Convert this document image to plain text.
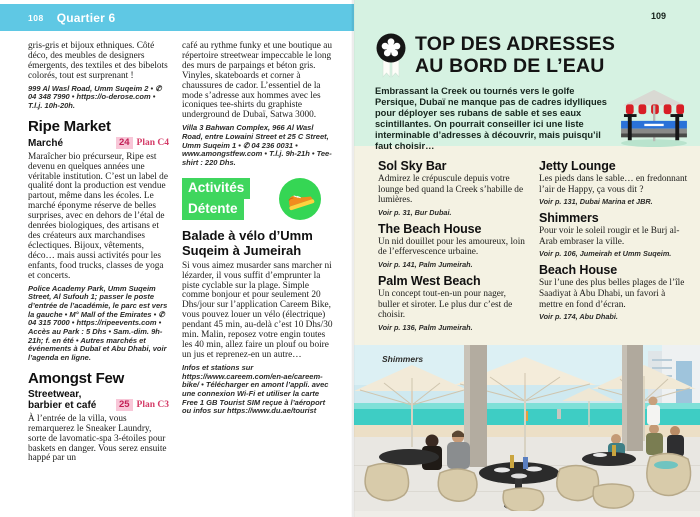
108 Quartier 6

gris-gris et bijoux ethniques. Côté déco, des meubles de designers émergents, des textiles et des bibelots colorés, tout est surprenant !

999 Al Wasl Road, Umm Suqeim 2 • ✆ 04 348 7990 • https://o-derose.com • T.l.j. 10h-20h.

Ripe Market
Marché	24 Plan C4

Maraîcher bio précurseur, Ripe est devenu en quelques années une véritable institution. C’est un label de qualité dont la production est vendue partout, même dans les écoles. Le marché éponyme réserve de belles surprises, avec en dehors de l’étal de denrées biologiques, des artisans et des créateurs aux marchandises éclectiques. Bijoux, vêtements, déco… mais aussi activités pour les enfants, food trucks, classes de yoga et concerts.

Police Academy Park, Umm Suqeim Street, Al Sufouh 1; passer le poste d’entrée de l’académie, le parc est vers la gauche • M° Mall of the Emirates • ✆ 04 315 7000 • https://ripeevents.com • Accès au Park : 5 Dhs • Sam.-dim. 9h-21h; f. en été • Autres marchés et événements à Dubaï et Abu Dhabi, voir l’agenda en ligne.

Amongst Few
Streetwear, barbier et café	25 Plan C3

À l’entrée de la villa, vous remarquerez le Sneaker Laundry, sorte de lavomatic-spa 3-étoiles pour baskets en danger. Vous serez ensuite happé par un

café au rythme funky et une boutique au répertoire streetwear impeccable le long des murs de parpaings et béton gris. Vinyles, skateboards et corner à chaussures de cador. L’essentiel de la mode s’adresse aux hommes avec les iconiques tee-shirts du graphiste underground de Dubaï, Satwa 3000.

Villa 3 Bahwan Complex, 966 Al Wasl Road, entre Lowaini Street et 25 C Street, Umm Suqeim 1 • ✆ 04 236 0031 • www.amongstfew.com • T.l.j. 9h-21h • Tee-shirt : 220 Dhs.

Activités
Détente
Balade à vélo d’Umm Suqeim à Jumeirah

Si vous aimez musarder sans marcher ni lézarder, il vous suffit d’emprunter la piste cyclable sur la plage. Simple comme bonjour et pour seulement 20 Dhs/jour sur l’application Careem Bike, vous pouvez louer un vélo (électrique) pendant 45 min, au-delà c’est 10 Dhs/30 min. Malin, reposez votre engin toutes les 40 min, allez faire un plouf ou boire un jus et reprenez-en un autre…

Infos et stations sur https://www.careem.com/en-ae/careem-bike/ • Télécharger en amont l’appli. avec une connexion Wi-Fi et utiliser la carte Free 1 GB Tourist SIM reçue à l’aéroport ou infos sur https://www.du.ae/tourist

109
TOP DES ADRESSES
AU BORD DE L’EAU

Embrassant la Creek ou tournés vers le golfe Persique, Dubaï ne manque pas de cadres idylliques pour déployer ses rubans de sable et ses eaux scintillantes. On pourrait conseiller ici une liste interminable d’adresses à découvrir, mais puisqu’il faut choisir…

Sol Sky Bar

Admirez le crépuscule depuis votre lounge bed quand la Creek s’habille de lumières.

Voir p. 31, Bur Dubai.

The Beach House

Un nid douillet pour les amoureux, loin de l’effervescence urbaine.

Voir p. 141, Palm Jumeirah.

Palm West Beach

Un concept tout-en-un pour nager, buller et siroter. Le plus dur c’est de choisir.

Voir p. 136, Palm Jumeirah.

Jetty Lounge

Les pieds dans le sable… en fredonnant l’air de Happy, ça vous dit ?

Voir p. 131, Dubai Marina et JBR.

Shimmers

Pour voir le soleil rougir et le Burj al-Arab embraser la ville.

Voir p. 106, Jumeirah et Umm Suqeim.

Beach House

Sur l’une des plus belles plages de l’île Saadiyat à Abu Dhabi, un favori à mettre en fond d’écran.

Voir p. 174, Abu Dhabi.

Shimmers
